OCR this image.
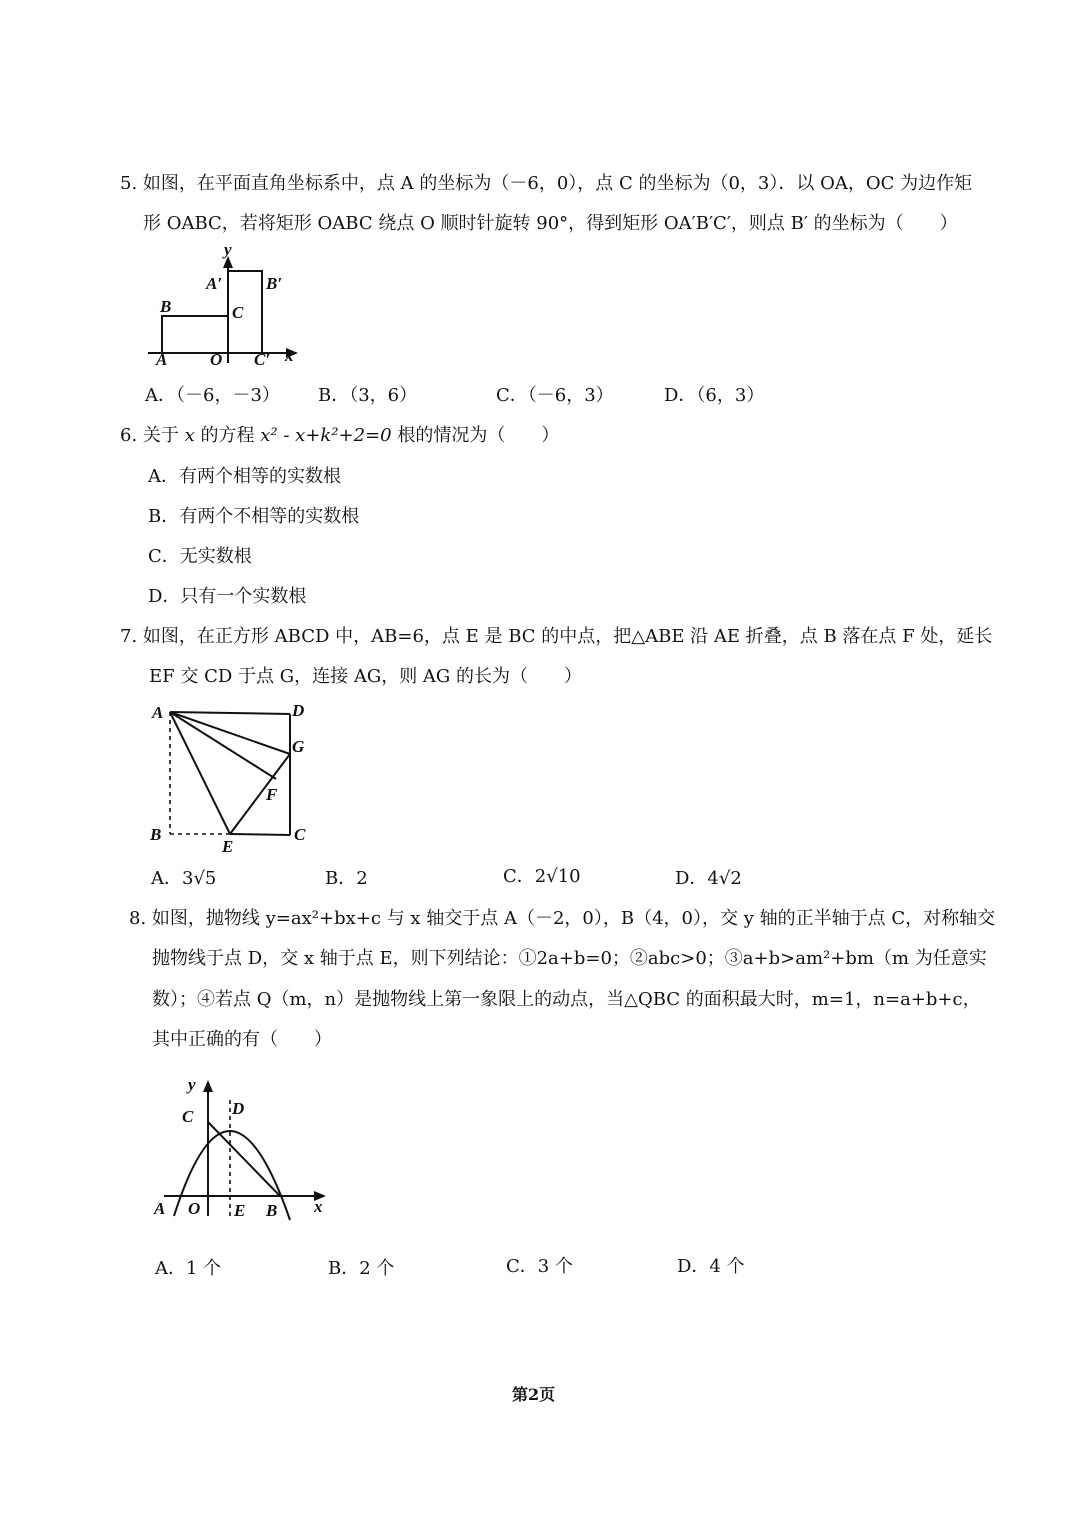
5. 如图，在平面直角坐标系中，点 A 的坐标为（－6，0），点 C 的坐标为（0，3）．以 OA，OC 为边作矩
形 OABC，若将矩形 OABC 绕点 O 顺时针旋转 90°，得到矩形 OA′B′C′，则点 B′ 的坐标为（　　）
y
A′	B′
B	C
A	O C′ x
A．（－6，－3） B．（3，6）	C．（－6，3）	D．（6，3）
6. 关于 x 的方程 x² - x+k²+2=0 根的情况为（　　）
A．有两个相等的实数根
B．有两个不相等的实数根
C．无实数根
D．只有一个实数根
7. 如图，在正方形 ABCD 中，AB=6，点 E 是 BC 的中点，把△ABE 沿 AE 折叠，点 B 落在点 F 处，延长
EF 交 CD 于点 G，连接 AG，则 AG 的长为（　　）
A	D
G
F
B
E
C
A．3√5	B．2	C．2√10	D．4√2
8. 如图，抛物线 y=ax²+bx+c 与 x 轴交于点 A（－2，0），B（4，0），交 y 轴的正半轴于点 C，对称轴交
抛物线于点 D，交 x 轴于点 E，则下列结论：①2a+b=0；②abc>0；③a+b>am²+bm（m 为任意实
数）；④若点 Q（m，n）是抛物线上第一象限上的动点，当△QBC 的面积最大时，m=1，n=a+b+c，
其中正确的有（　　）
y
C D
A O E B x
A．1 个	B．2 个	C．3 个	D．4 个
第2页
